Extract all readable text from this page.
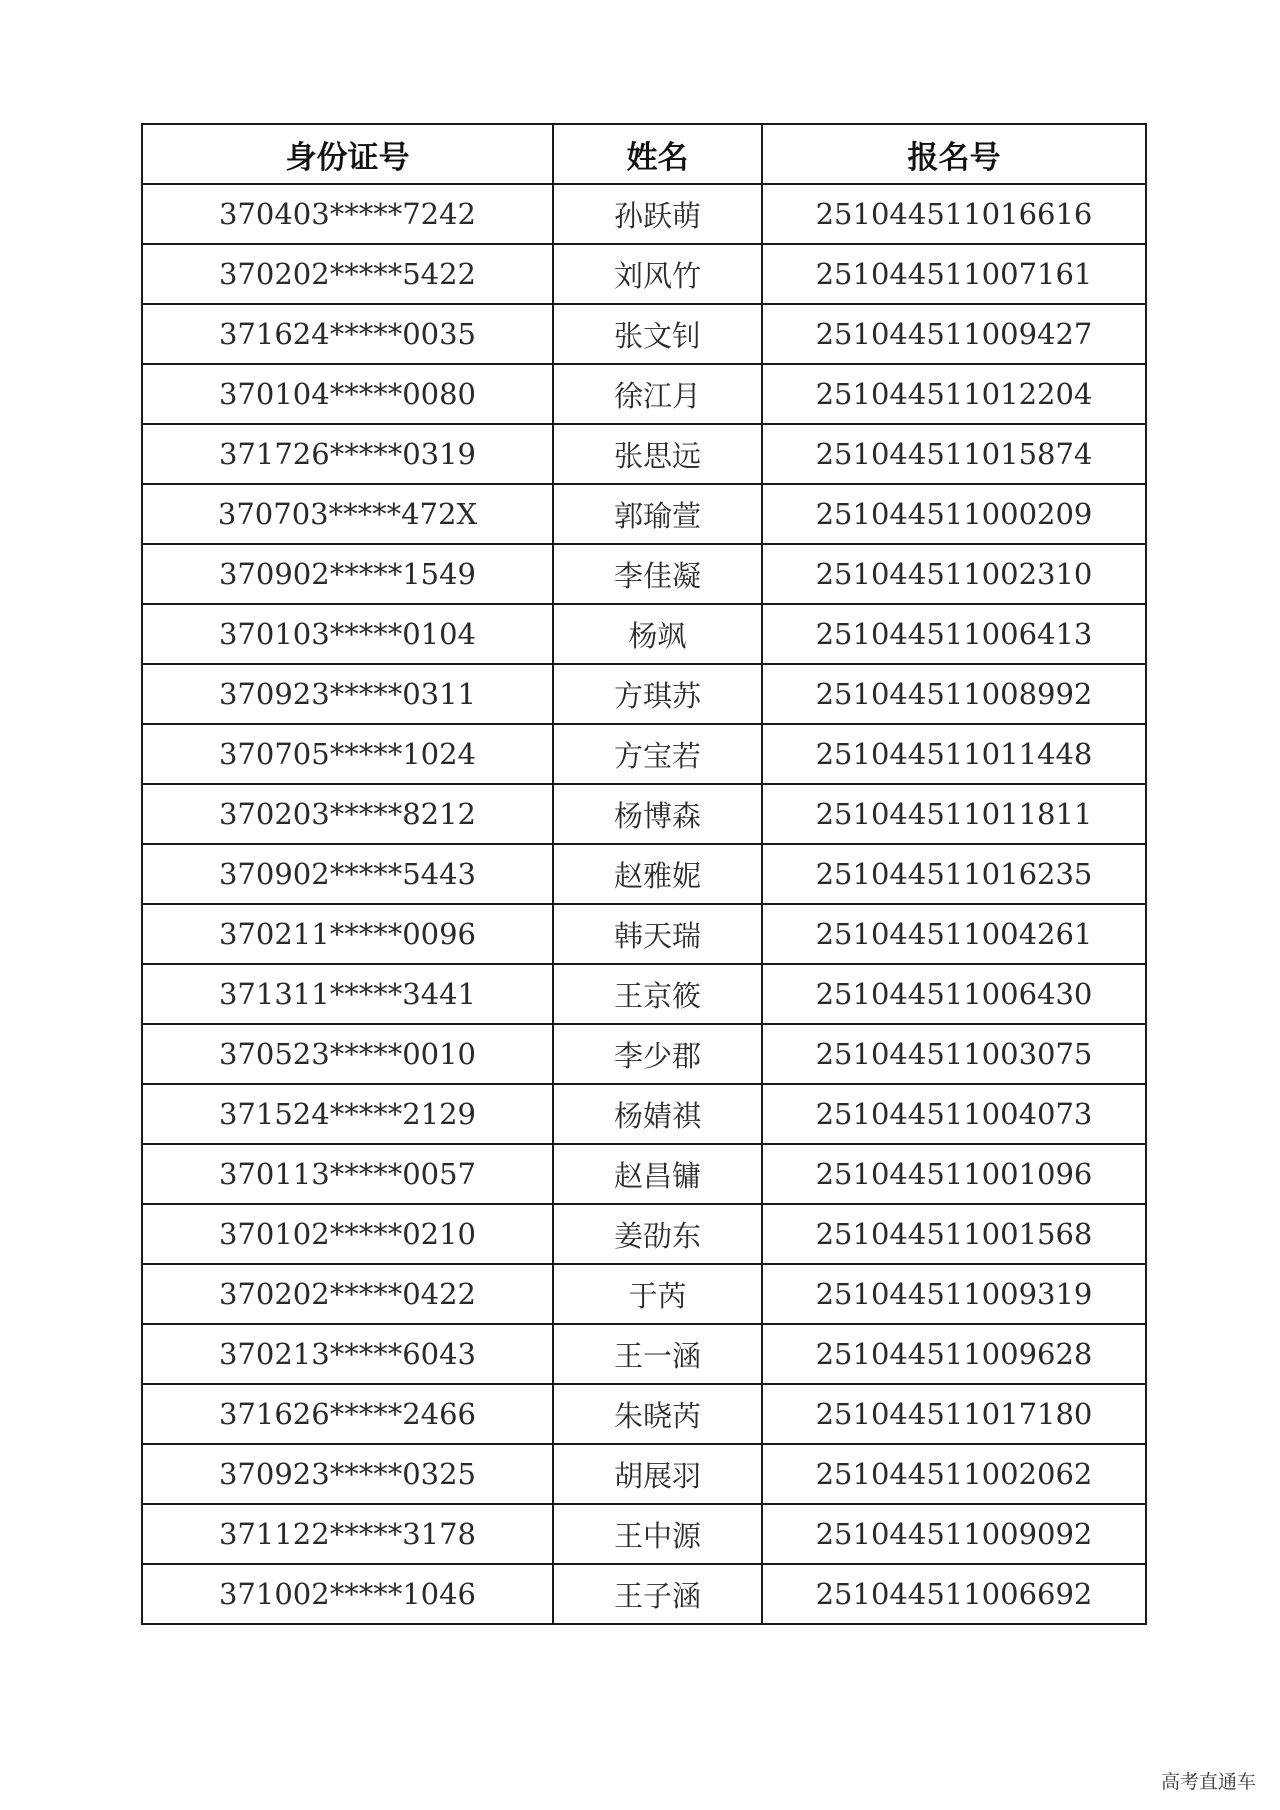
身份证号	姓名	报名号
370403*****7242	孙跃萌	251044511016616
370202*****5422	刘风竹	251044511007161
371624*****0035	张文钊	251044511009427
370104*****0080	徐江月	251044511012204
371726*****0319	张思远	251044511015874
370703*****472X	郭瑜萱	251044511000209
370902*****1549	李佳凝	251044511002310
370103*****0104	杨飒	251044511006413
370923*****0311	方琪苏	251044511008992
370705*****1024	方宝若	251044511011448
370203*****8212	杨博森	251044511011811
370902*****5443	赵雅妮	251044511016235
370211*****0096	韩天瑞	251044511004261
371311*****3441	王京筱	251044511006430
370523*****0010	李少郡	251044511003075
371524*****2129	杨婧祺	251044511004073
370113*****0057	赵昌镛	251044511001096
370102*****0210	姜劭东	251044511001568
370202*****0422	于芮	251044511009319
370213*****6043	王一涵	251044511009628
371626*****2466	朱晓芮	251044511017180
370923*****0325	胡展羽	251044511002062
371122*****3178	王中源	251044511009092
371002*****1046	王子涵	251044511006692
高考直通车
